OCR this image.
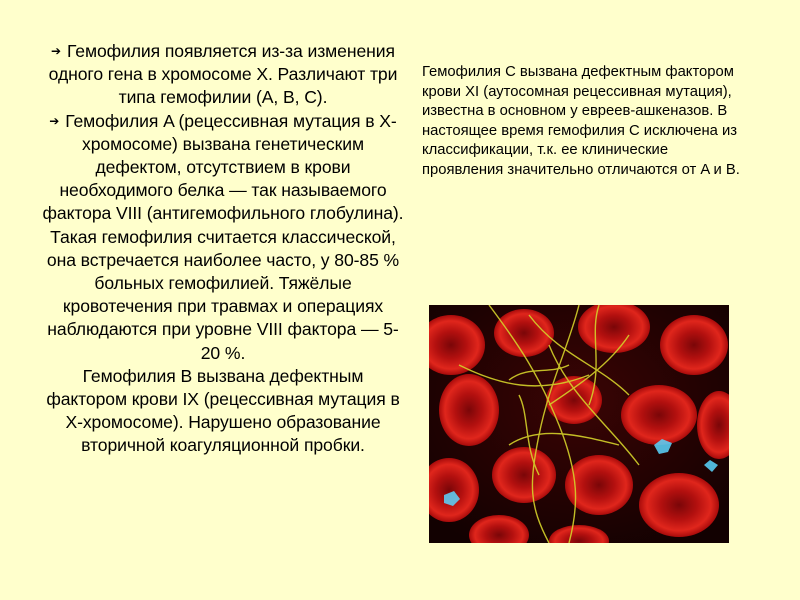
➔ Гемофилия появляется из-за изменения одного гена в хромосоме Х. Различают три типа гемофилии (A, B, C).

➔ Гемофилия A (рецессивная мутация в Х-хромосоме) вызвана генетическим дефектом, отсутствием в крови необходимого белка — так называемого фактора VIII (антигемофильного глобулина). Такая гемофилия считается классической, она встречается наиболее часто, у 80-85 % больных гемофилией. Тяжёлые кровотечения при травмах и операциях наблюдаются при уровне VIII фактора — 5-20 %.

Гемофилия B вызвана дефектным фактором крови IX (рецессивная мутация в Х-хромосоме). Нарушено образование вторичной коагуляционной пробки.

Гемофилия C вызвана дефектным фактором крови XI (аутосомная рецессивная мутация), известна в основном у евреев-ашкеназов. В настоящее время гемофилия C исключена из классификации, т.к. ее клинические проявления значительно отличаются от A и B.
